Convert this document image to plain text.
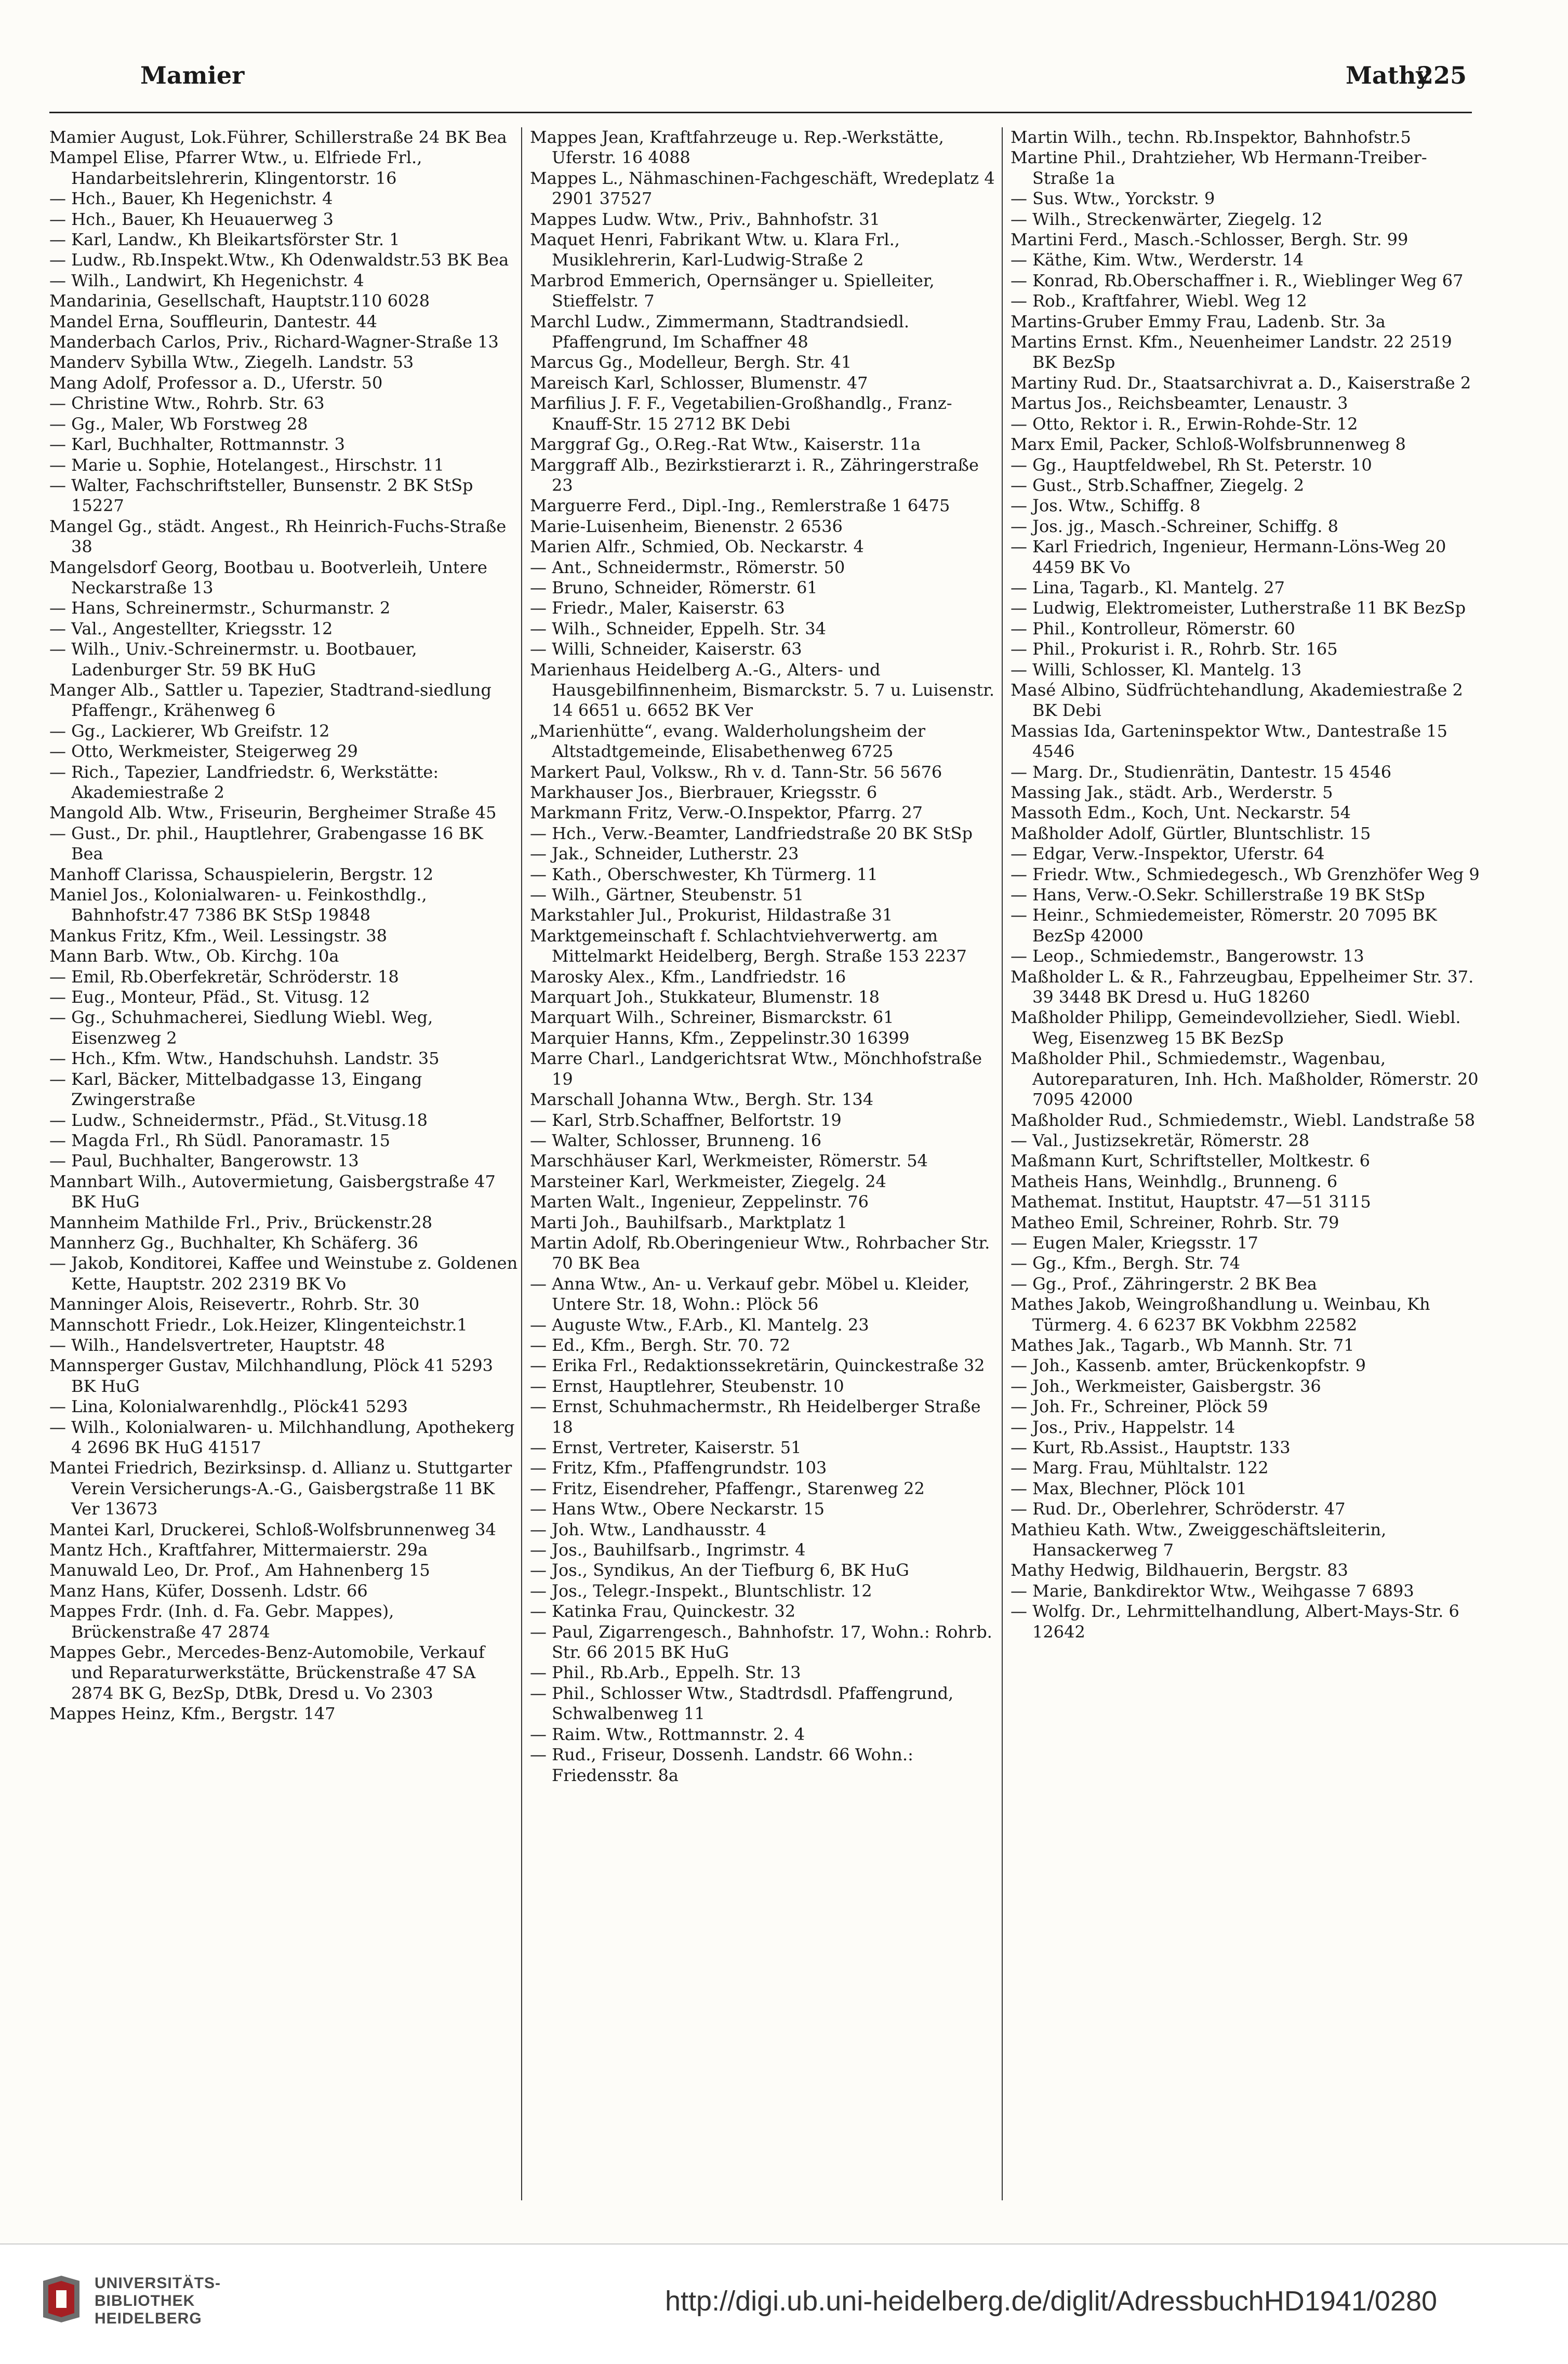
Mamier	Mathy
225
Mamier August, Lok.Führer, Schillerstraße 24 BK Bea
Mampel Elise, Pfarrer Wtw., u. Elfriede Frl., Handarbeitslehrerin, Klingentorstr. 16
— Hch., Bauer, Kh Hegenichstr. 4
— Hch., Bauer, Kh Heuauerweg 3
— Karl, Landw., Kh Bleikartsförster Str. 1
— Ludw., Rb.Inspekt.Wtw., Kh Odenwaldstr.53 BK Bea
— Wilh., Landwirt, Kh Hegenichstr. 4
Mandarinia, Gesellschaft, Hauptstr.110 6028
Mandel Erna, Souffleurin, Dantestr. 44
Manderbach Carlos, Priv., Richard-Wagner-Straße 13
Manderv Sybilla Wtw., Ziegelh. Landstr. 53
Mang Adolf, Professor a. D., Uferstr. 50
— Christine Wtw., Rohrb. Str. 63
— Gg., Maler, Wb Forstweg 28
— Karl, Buchhalter, Rottmannstr. 3
— Marie u. Sophie, Hotelangest., Hirschstr. 11
— Walter, Fachschriftsteller, Bunsenstr. 2 BK StSp 15227
Mangel Gg., städt. Angest., Rh Heinrich-Fuchs-Straße 38
Mangelsdorf Georg, Bootbau u. Bootverleih, Untere Neckarstraße 13
— Hans, Schreinermstr., Schurmanstr. 2
— Val., Angestellter, Kriegsstr. 12
— Wilh., Univ.-Schreinermstr. u. Bootbauer, Ladenburger Str. 59 BK HuG
Manger Alb., Sattler u. Tapezier, Stadtrand-siedlung Pfaffengr., Krähenweg 6
— Gg., Lackierer, Wb Greifstr. 12
— Otto, Werkmeister, Steigerweg 29
— Rich., Tapezier, Landfriedstr. 6, Werkstätte: Akademiestraße 2
Mangold Alb. Wtw., Friseurin, Bergheimer Straße 45
— Gust., Dr. phil., Hauptlehrer, Grabengasse 16 BK Bea
Manhoff Clarissa, Schauspielerin, Bergstr. 12
Maniel Jos., Kolonialwaren- u. Feinkosthdlg., Bahnhofstr.47 7386 BK StSp 19848
Mankus Fritz, Kfm., Weil. Lessingstr. 38
Mann Barb. Wtw., Ob. Kirchg. 10a
— Emil, Rb.Oberfekretär, Schröderstr. 18
— Eug., Monteur, Pfäd., St. Vitusg. 12
— Gg., Schuhmacherei, Siedlung Wiebl. Weg, Eisenzweg 2
— Hch., Kfm. Wtw., Handschuhsh. Landstr. 35
— Karl, Bäcker, Mittelbadgasse 13, Eingang Zwingerstraße
— Ludw., Schneidermstr., Pfäd., St.Vitusg.18
— Magda Frl., Rh Südl. Panoramastr. 15
— Paul, Buchhalter, Bangerowstr. 13
Mannbart Wilh., Autovermietung, Gaisbergstraße 47 BK HuG
Mannheim Mathilde Frl., Priv., Brückenstr.28
Mannherz Gg., Buchhalter, Kh Schäferg. 36
— Jakob, Konditorei, Kaffee und Weinstube z. Goldenen Kette, Hauptstr. 202 2319 BK Vo
Manninger Alois, Reisevertr., Rohrb. Str. 30
Mannschott Friedr., Lok.Heizer, Klingenteichstr.1
— Wilh., Handelsvertreter, Hauptstr. 48
Mannsperger Gustav, Milchhandlung, Plöck 41 5293 BK HuG
— Lina, Kolonialwarenhdlg., Plöck41 5293
— Wilh., Kolonialwaren- u. Milchhandlung, Apothekerg 4 2696 BK HuG 41517
Mantei Friedrich, Bezirksinsp. d. Allianz u. Stuttgarter Verein Versicherungs-A.-G., Gaisbergstraße 11 BK Ver 13673
Mantei Karl, Druckerei, Schloß-Wolfsbrunnenweg 34
Mantz Hch., Kraftfahrer, Mittermaierstr. 29a
Manuwald Leo, Dr. Prof., Am Hahnenberg 15
Manz Hans, Küfer, Dossenh. Ldstr. 66
Mappes Frdr. (Inh. d. Fa. Gebr. Mappes), Brückenstraße 47 2874
Mappes Gebr., Mercedes-Benz-Automobile, Verkauf und Reparaturwerkstätte, Brückenstraße 47 SA 2874 BK G, BezSp, DtBk, Dresd u. Vo 2303
Mappes Heinz, Kfm., Bergstr. 147
Mappes Jean, Kraftfahrzeuge u. Rep.-Werkstätte, Uferstr. 16 4088
Mappes L., Nähmaschinen-Fachgeschäft, Wredeplatz 4 2901 37527
Mappes Ludw. Wtw., Priv., Bahnhofstr. 31
Maquet Henri, Fabrikant Wtw. u. Klara Frl., Musiklehrerin, Karl-Ludwig-Straße 2
Marbrod Emmerich, Opernsänger u. Spielleiter, Stieffelstr. 7
Marchl Ludw., Zimmermann, Stadtrandsiedl. Pfaffengrund, Im Schaffner 48
Marcus Gg., Modelleur, Bergh. Str. 41
Mareisch Karl, Schlosser, Blumenstr. 47
Marfilius J. F. F., Vegetabilien-Großhandlg., Franz-Knauff-Str. 15 2712 BK Debi
Marggraf Gg., O.Reg.-Rat Wtw., Kaiserstr. 11a
Marggraff Alb., Bezirkstierarzt i. R., Zähringerstraße 23
Marguerre Ferd., Dipl.-Ing., Remlerstraße 1 6475
Marie-Luisenheim, Bienenstr. 2 6536
Marien Alfr., Schmied, Ob. Neckarstr. 4
— Ant., Schneidermstr., Römerstr. 50
— Bruno, Schneider, Römerstr. 61
— Friedr., Maler, Kaiserstr. 63
— Wilh., Schneider, Eppelh. Str. 34
— Willi, Schneider, Kaiserstr. 63
Marienhaus Heidelberg A.-G., Alters- und Hausgebilfinnenheim, Bismarckstr. 5. 7 u. Luisenstr. 14 6651 u. 6652 BK Ver
„Marienhütte“, evang. Walderholungsheim der Altstadtgemeinde, Elisabethenweg 6725
Markert Paul, Volksw., Rh v. d. Tann-Str. 56 5676
Markhauser Jos., Bierbrauer, Kriegsstr. 6
Markmann Fritz, Verw.-O.Inspektor, Pfarrg. 27
— Hch., Verw.-Beamter, Landfriedstraße 20 BK StSp
— Jak., Schneider, Lutherstr. 23
— Kath., Oberschwester, Kh Türmerg. 11
— Wilh., Gärtner, Steubenstr. 51
Markstahler Jul., Prokurist, Hildastraße 31
Marktgemeinschaft f. Schlachtviehverwertg. am Mittelmarkt Heidelberg, Bergh. Straße 153 2237
Marosky Alex., Kfm., Landfriedstr. 16
Marquart Joh., Stukkateur, Blumenstr. 18
Marquart Wilh., Schreiner, Bismarckstr. 61
Marquier Hanns, Kfm., Zeppelinstr.30 16399
Marre Charl., Landgerichtsrat Wtw., Mönchhofstraße 19
Marschall Johanna Wtw., Bergh. Str. 134
— Karl, Strb.Schaffner, Belfortstr. 19
— Walter, Schlosser, Brunneng. 16
Marschhäuser Karl, Werkmeister, Römerstr. 54
Marsteiner Karl, Werkmeister, Ziegelg. 24
Marten Walt., Ingenieur, Zeppelinstr. 76
Marti Joh., Bauhilfsarb., Marktplatz 1
Martin Adolf, Rb.Oberingenieur Wtw., Rohrbacher Str. 70 BK Bea
— Anna Wtw., An- u. Verkauf gebr. Möbel u. Kleider, Untere Str. 18, Wohn.: Plöck 56
— Auguste Wtw., F.Arb., Kl. Mantelg. 23
— Ed., Kfm., Bergh. Str. 70. 72
— Erika Frl., Redaktionssekretärin, Quinckestraße 32
— Ernst, Hauptlehrer, Steubenstr. 10
— Ernst, Schuhmachermstr., Rh Heidelberger Straße 18
— Ernst, Vertreter, Kaiserstr. 51
— Fritz, Kfm., Pfaffengrundstr. 103
— Fritz, Eisendreher, Pfaffengr., Starenweg 22
— Hans Wtw., Obere Neckarstr. 15
— Joh. Wtw., Landhausstr. 4
— Jos., Bauhilfsarb., Ingrimstr. 4
— Jos., Syndikus, An der Tiefburg 6, BK HuG
— Jos., Telegr.-Inspekt., Bluntschlistr. 12
— Katinka Frau, Quinckestr. 32
— Paul, Zigarrengesch., Bahnhofstr. 17, Wohn.: Rohrb. Str. 66 2015 BK HuG
— Phil., Rb.Arb., Eppelh. Str. 13
— Phil., Schlosser Wtw., Stadtrdsdl. Pfaffengrund, Schwalbenweg 11
— Raim. Wtw., Rottmannstr. 2. 4
— Rud., Friseur, Dossenh. Landstr. 66 Wohn.: Friedensstr. 8a
Martin Wilh., techn. Rb.Inspektor, Bahnhofstr.5
Martine Phil., Drahtzieher, Wb Hermann-Treiber-Straße 1a
— Sus. Wtw., Yorckstr. 9
— Wilh., Streckenwärter, Ziegelg. 12
Martini Ferd., Masch.-Schlosser, Bergh. Str. 99
— Käthe, Kim. Wtw., Werderstr. 14
— Konrad, Rb.Oberschaffner i. R., Wieblinger Weg 67
— Rob., Kraftfahrer, Wiebl. Weg 12
Martins-Gruber Emmy Frau, Ladenb. Str. 3a
Martins Ernst. Kfm., Neuenheimer Landstr. 22 2519 BK BezSp
Martiny Rud. Dr., Staatsarchivrat a. D., Kaiserstraße 2
Martus Jos., Reichsbeamter, Lenaustr. 3
— Otto, Rektor i. R., Erwin-Rohde-Str. 12
Marx Emil, Packer, Schloß-Wolfsbrunnenweg 8
— Gg., Hauptfeldwebel, Rh St. Peterstr. 10
— Gust., Strb.Schaffner, Ziegelg. 2
— Jos. Wtw., Schiffg. 8
— Jos. jg., Masch.-Schreiner, Schiffg. 8
— Karl Friedrich, Ingenieur, Hermann-Löns-Weg 20 4459 BK Vo
— Lina, Tagarb., Kl. Mantelg. 27
— Ludwig, Elektromeister, Lutherstraße 11 BK BezSp
— Phil., Kontrolleur, Römerstr. 60
— Phil., Prokurist i. R., Rohrb. Str. 165
— Willi, Schlosser, Kl. Mantelg. 13
Masé Albino, Südfrüchtehandlung, Akademiestraße 2 BK Debi
Massias Ida, Garteninspektor Wtw., Dantestraße 15 4546
— Marg. Dr., Studienrätin, Dantestr. 15 4546
Massing Jak., städt. Arb., Werderstr. 5
Massoth Edm., Koch, Unt. Neckarstr. 54
Maßholder Adolf, Gürtler, Bluntschlistr. 15
— Edgar, Verw.-Inspektor, Uferstr. 64
— Friedr. Wtw., Schmiedegesch., Wb Grenzhöfer Weg 9
— Hans, Verw.-O.Sekr. Schillerstraße 19 BK StSp
— Heinr., Schmiedemeister, Römerstr. 20 7095 BK BezSp 42000
— Leop., Schmiedemstr., Bangerowstr. 13
Maßholder L. & R., Fahrzeugbau, Eppelheimer Str. 37. 39 3448 BK Dresd u. HuG 18260
Maßholder Philipp, Gemeindevollzieher, Siedl. Wiebl. Weg, Eisenzweg 15 BK BezSp
Maßholder Phil., Schmiedemstr., Wagenbau, Autoreparaturen, Inh. Hch. Maßholder, Römerstr. 20 7095 42000
Maßholder Rud., Schmiedemstr., Wiebl. Landstraße 58
— Val., Justizsekretär, Römerstr. 28
Maßmann Kurt, Schriftsteller, Moltkestr. 6
Matheis Hans, Weinhdlg., Brunneng. 6
Mathemat. Institut, Hauptstr. 47—51 3115
Matheo Emil, Schreiner, Rohrb. Str. 79
— Eugen Maler, Kriegsstr. 17
— Gg., Kfm., Bergh. Str. 74
— Gg., Prof., Zähringerstr. 2 BK Bea
Mathes Jakob, Weingroßhandlung u. Weinbau, Kh Türmerg. 4. 6 6237 BK Vokbhm 22582
Mathes Jak., Tagarb., Wb Mannh. Str. 71
— Joh., Kassenb. amter, Brückenkopfstr. 9
— Joh., Werkmeister, Gaisbergstr. 36
— Joh. Fr., Schreiner, Plöck 59
— Jos., Priv., Happelstr. 14
— Kurt, Rb.Assist., Hauptstr. 133
— Marg. Frau, Mühltalstr. 122
— Max, Blechner, Plöck 101
— Rud. Dr., Oberlehrer, Schröderstr. 47
Mathieu Kath. Wtw., Zweiggeschäftsleiterin, Hansackerweg 7
Mathy Hedwig, Bildhauerin, Bergstr. 83
— Marie, Bankdirektor Wtw., Weihgasse 7 6893
— Wolfg. Dr., Lehrmittelhandlung, Albert-Mays-Str. 6 12642
UNIVERSITÄTS-
BIBLIOTHEK
HEIDELBERG
http://digi.ub.uni-heidelberg.de/diglit/AdressbuchHD1941/0280
